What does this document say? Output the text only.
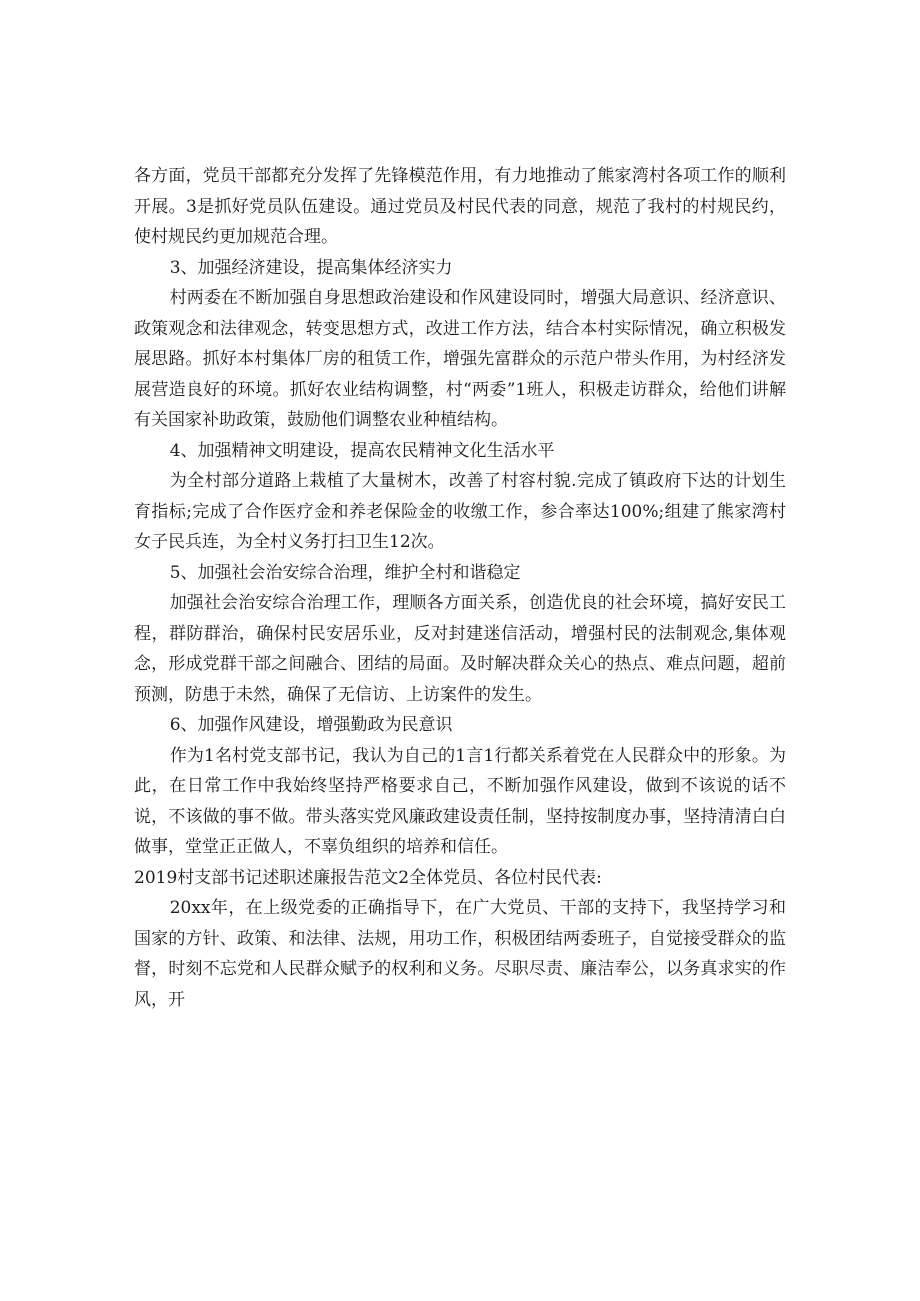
各方面，党员干部都充分发挥了先锋模范作用，有力地推动了熊家湾村各项工作的顺利开展。3是抓好党员队伍建设。通过党员及村民代表的同意，规范了我村的村规民约，使村规民约更加规范合理。

3、加强经济建设，提高集体经济实力

村两委在不断加强自身思想政治建设和作风建设同时，增强大局意识、经济意识、政策观念和法律观念，转变思想方式，改进工作方法，结合本村实际情况，确立积极发展思路。抓好本村集体厂房的租赁工作，增强先富群众的示范户带头作用，为村经济发展营造良好的环境。抓好农业结构调整，村“两委”1班人，积极走访群众，给他们讲解有关国家补助政策，鼓励他们调整农业种植结构。

4、加强精神文明建设，提高农民精神文化生活水平

为全村部分道路上栽植了大量树木，改善了村容村貌.完成了镇政府下达的计划生育指标;完成了合作医疗金和养老保险金的收缴工作，参合率达100%;组建了熊家湾村女子民兵连，为全村义务打扫卫生12次。

5、加强社会治安综合治理，维护全村和谐稳定

加强社会治安综合治理工作，理顺各方面关系，创造优良的社会环境，搞好安民工程，群防群治，确保村民安居乐业，反对封建迷信活动，增强村民的法制观念,集体观念，形成党群干部之间融合、团结的局面。及时解决群众关心的热点、难点问题，超前预测，防患于未然，确保了无信访、上访案件的发生。

6、加强作风建设，增强勤政为民意识

作为1名村党支部书记，我认为自己的1言1行都关系着党在人民群众中的形象。为此，在日常工作中我始终坚持严格要求自己，不断加强作风建设，做到不该说的话不说，不该做的事不做。带头落实党风廉政建设责任制，坚持按制度办事，坚持清清白白做事，堂堂正正做人，不辜负组织的培养和信任。

2019村支部书记述职述廉报告范文2全体党员、各位村民代表:

20xx年，在上级党委的正确指导下，在广大党员、干部的支持下，我坚持学习和国家的方针、政策、和法律、法规，用功工作，积极团结两委班子，自觉接受群众的监督，时刻不忘党和人民群众赋予的权利和义务。尽职尽责、廉洁奉公，以务真求实的作风，开
